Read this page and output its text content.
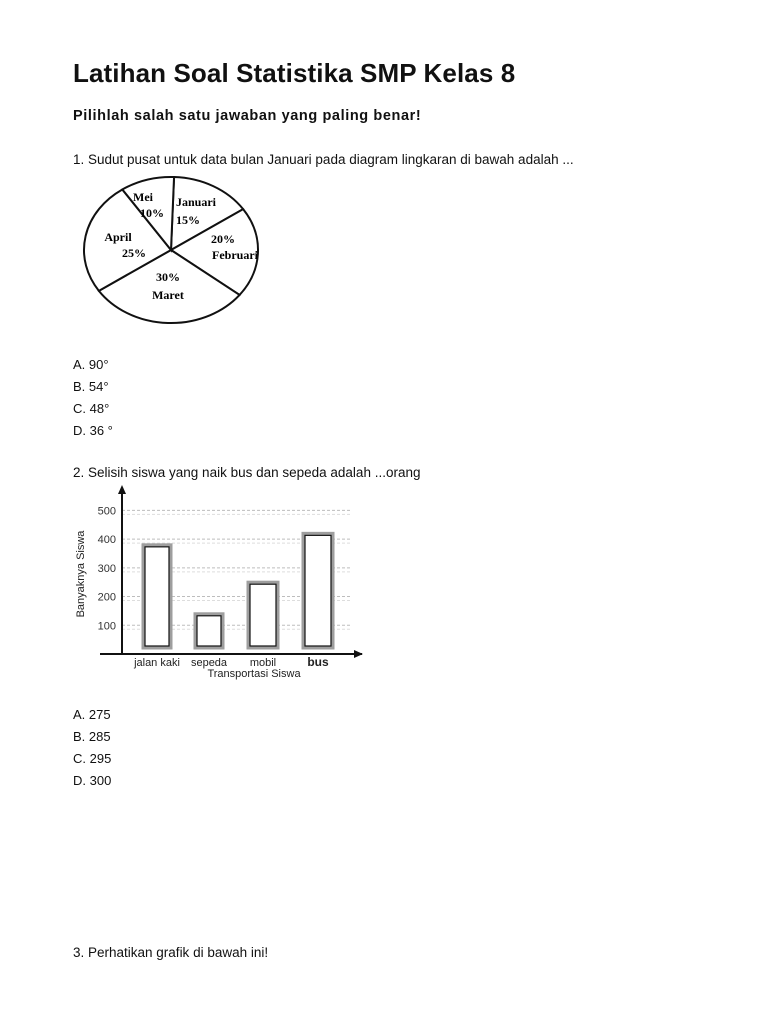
Latihan Soal Statistika SMP Kelas 8
Pilihlah salah satu jawaban yang paling benar!
1. Sudut pusat untuk data bulan Januari pada diagram lingkaran di bawah adalah ...
Januari
15%
Februari
20%
Maret
30%
April
25%
Mei
10%
A. 90°
B. 54°
C. 48°
D. 36 °
2. Selisih siswa yang naik bus dan sepeda adalah ...orang
100
200
300
400
500
jalan kaki sepeda mobil	bus
Transportasi Siswa
Banyaknya Siswa
A. 275
B. 285
C. 295
D. 300
3. Perhatikan grafik di bawah ini!
